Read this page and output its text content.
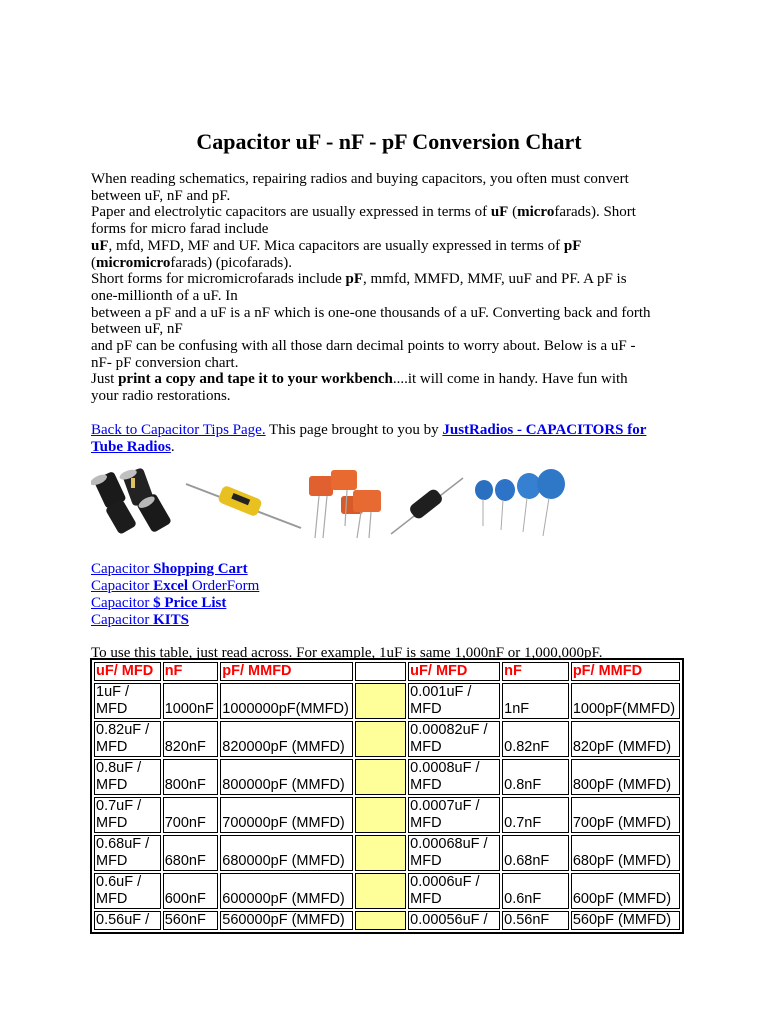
Capacitor uF - nF - pF Conversion Chart
When reading schematics, repairing radios and buying capacitors, you often must convert
between uF, nF and pF.
Paper and electrolytic capacitors are usually expressed in terms of uF (microfarads). Short
forms for micro farad include
uF, mfd, MFD, MF and UF. Mica capacitors are usually expressed in terms of pF
(micromicrofarads) (picofarads).
Short forms for micromicrofarads include pF, mmfd, MMFD, MMF, uuF and PF. A pF is
one-millionth of a uF. In
between a pF and a uF is a nF which is one-one thousands of a uF. Converting back and forth
between uF, nF
and pF can be confusing with all those darn decimal points to worry about. Below is a uF -
nF- pF conversion chart.
Just print a copy and tape it to your workbench....it will come in handy. Have fun with
your radio restorations.
Back to Capacitor Tips Page. This page brought to you by JustRadios - CAPACITORS for
Tube Radios.
Capacitor Shopping Cart
Capacitor Excel OrderForm
Capacitor $ Price List
Capacitor KITS
To use this table, just read across. For example, 1uF is same 1,000nF or 1,000,000pF.
uF/ MFD	nF	pF/ MMFD		uF/ MFD	nF	pF/ MMFD
1uF / MFD	1000nF	1000000pF(MMFD)		0.001uF / MFD	1nF	1000pF(MMFD)
0.82uF / MFD	820nF	820000pF (MMFD)		0.00082uF / MFD	0.82nF	820pF (MMFD)
0.8uF / MFD	800nF	800000pF (MMFD)		0.0008uF / MFD	0.8nF	800pF (MMFD)
0.7uF / MFD	700nF	700000pF (MMFD)		0.0007uF / MFD	0.7nF	700pF (MMFD)
0.68uF / MFD	680nF	680000pF (MMFD)		0.00068uF / MFD	0.68nF	680pF (MMFD)
0.6uF / MFD	600nF	600000pF (MMFD)		0.0006uF / MFD	0.6nF	600pF (MMFD)
0.56uF /	560nF	560000pF (MMFD)		0.00056uF /	0.56nF	560pF (MMFD)
